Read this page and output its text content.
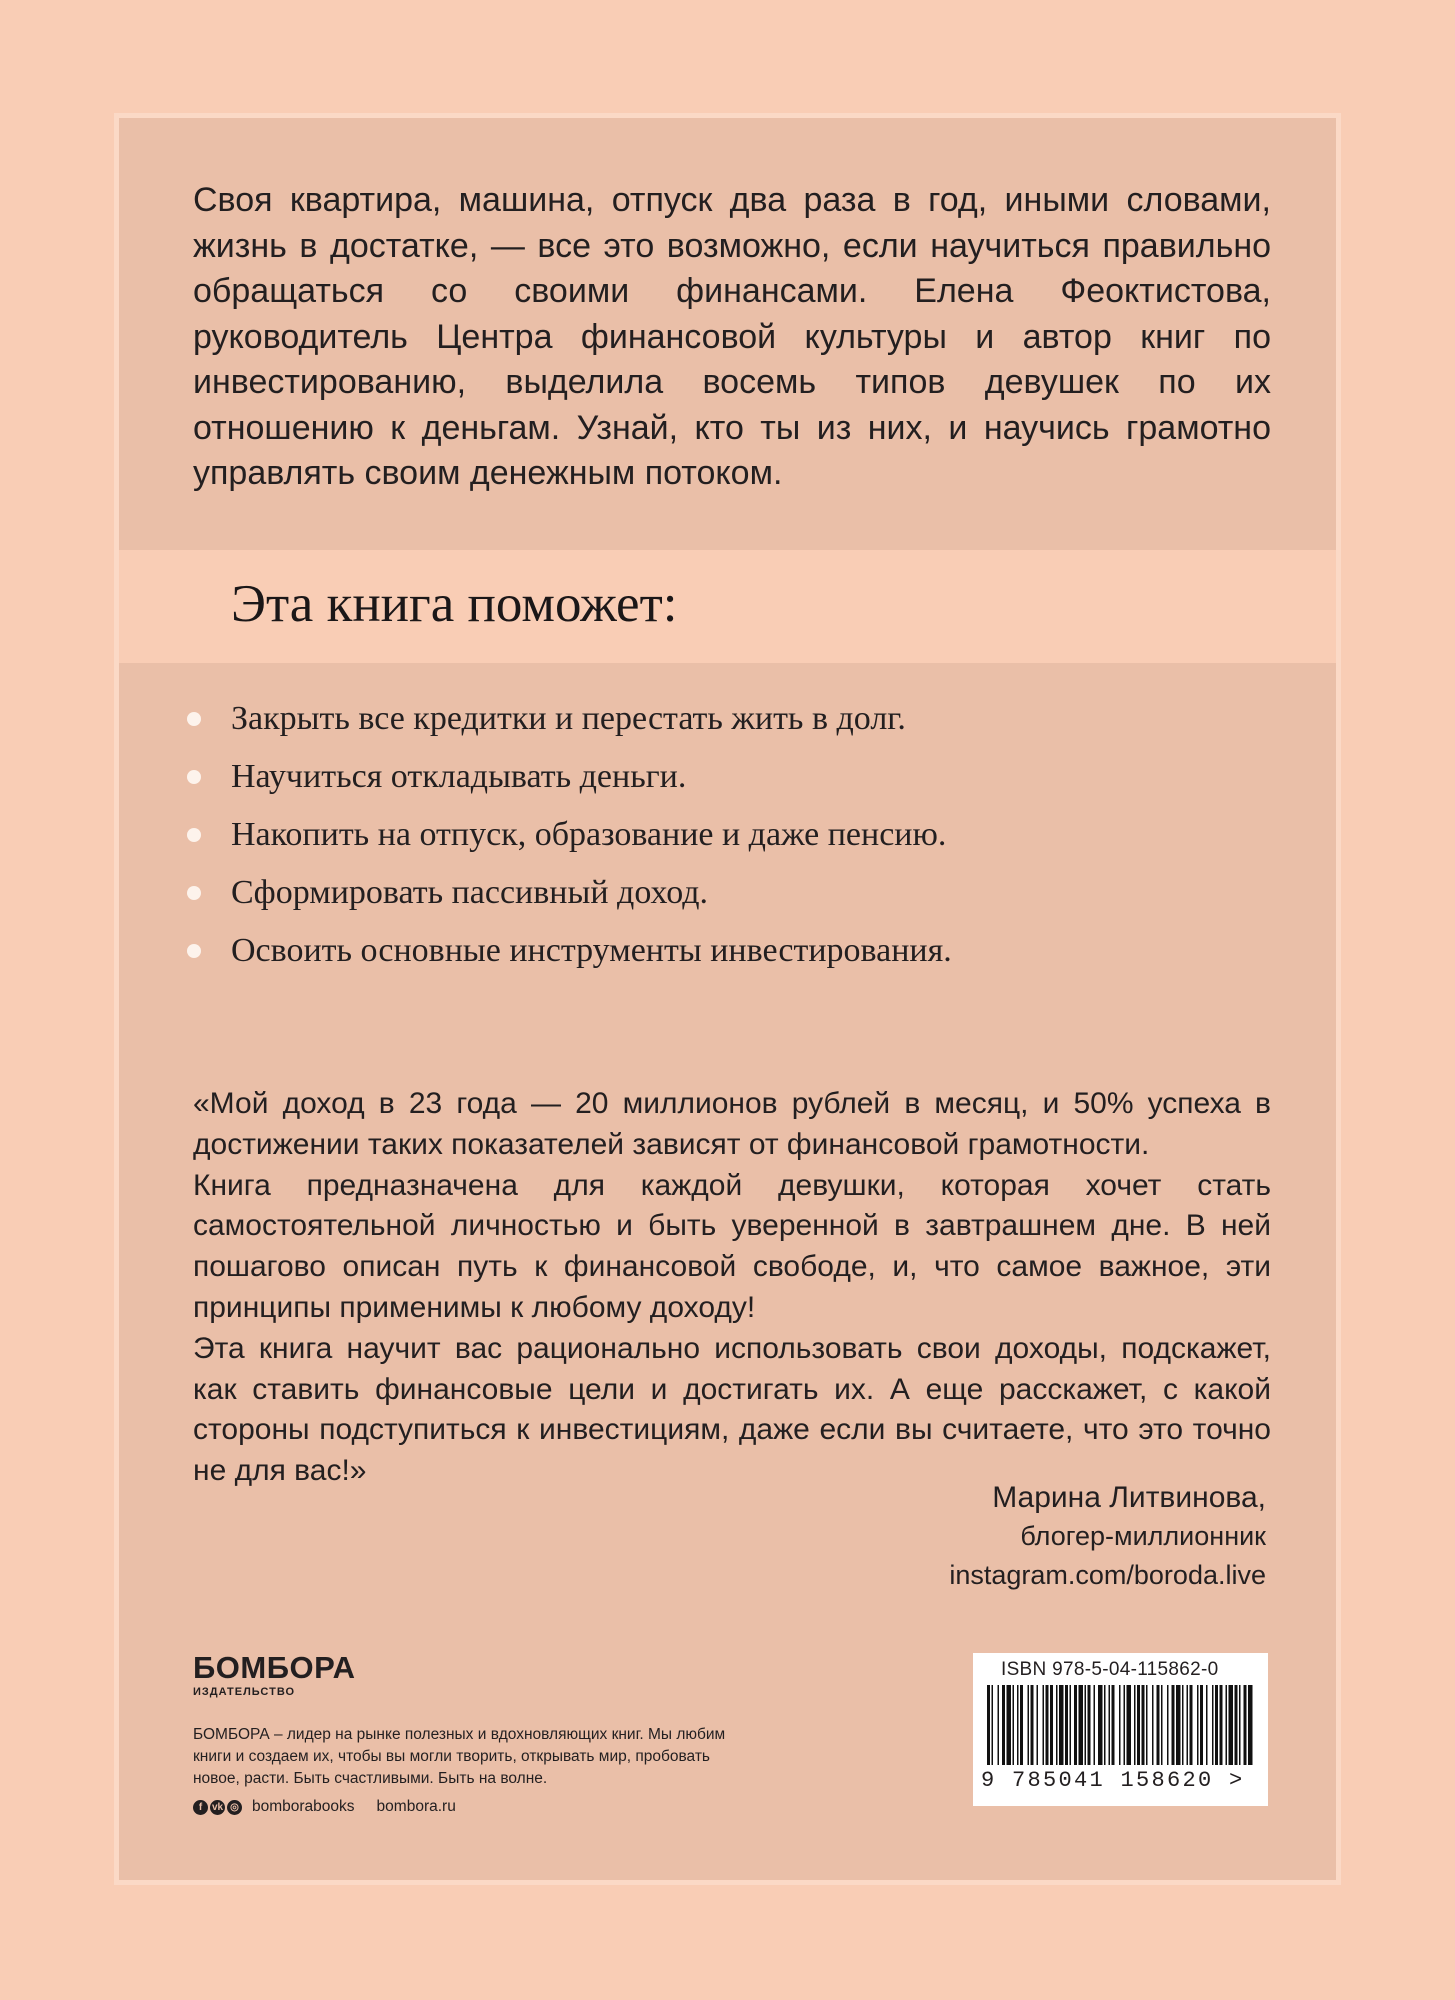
Своя квартира, машина, отпуск два раза в год, иными словами, жизнь в достатке, — все это возможно, если научиться правильно обращаться со своими финансами. Елена Феоктистова, руководитель Центра финансовой культуры и автор книг по инвестированию, выделила восемь типов девушек по их отношению к деньгам. Узнай, кто ты из них, и научись грамотно управлять своим денежным потоком.

Эта книга поможет:
Закрыть все кредитки и перестать жить в долг.
Научиться откладывать деньги.
Накопить на отпуск, образование и даже пенсию.
Сформировать пассивный доход.
Освоить основные инструменты инвестирования.

«Мой доход в 23 года — 20 миллионов рублей в месяц, и 50% успеха в достижении таких показателей зависят от финансовой грамотности.

Книга предназначена для каждой девушки, которая хочет стать самостоятельной личностью и быть уверенной в завтрашнем дне. В ней пошагово описан путь к финансовой свободе, и, что самое важное, эти принципы применимы к любому доходу!

Эта книга научит вас рационально использовать свои доходы, подскажет, как ставить финансовые цели и достигать их. А еще расскажет, с какой стороны подступиться к инвестициям, даже если вы считаете, что это точно не для вас!»

Марина Литвинова,
блогер-миллионник
instagram.com/boroda.live
БОМБОРА
ИЗДАТЕЛЬСТВО

БОМБОРА – лидер на рынке полезных и вдохновляющих книг. Мы любим книги и создаем их, чтобы вы могли творить, открывать мир, пробовать новое, расти. Быть счастливыми. Быть на волне.

f vk ◎ bomborabooks bombora.ru
ISBN 978-5-04-115862-0
9 785041 158620 >
